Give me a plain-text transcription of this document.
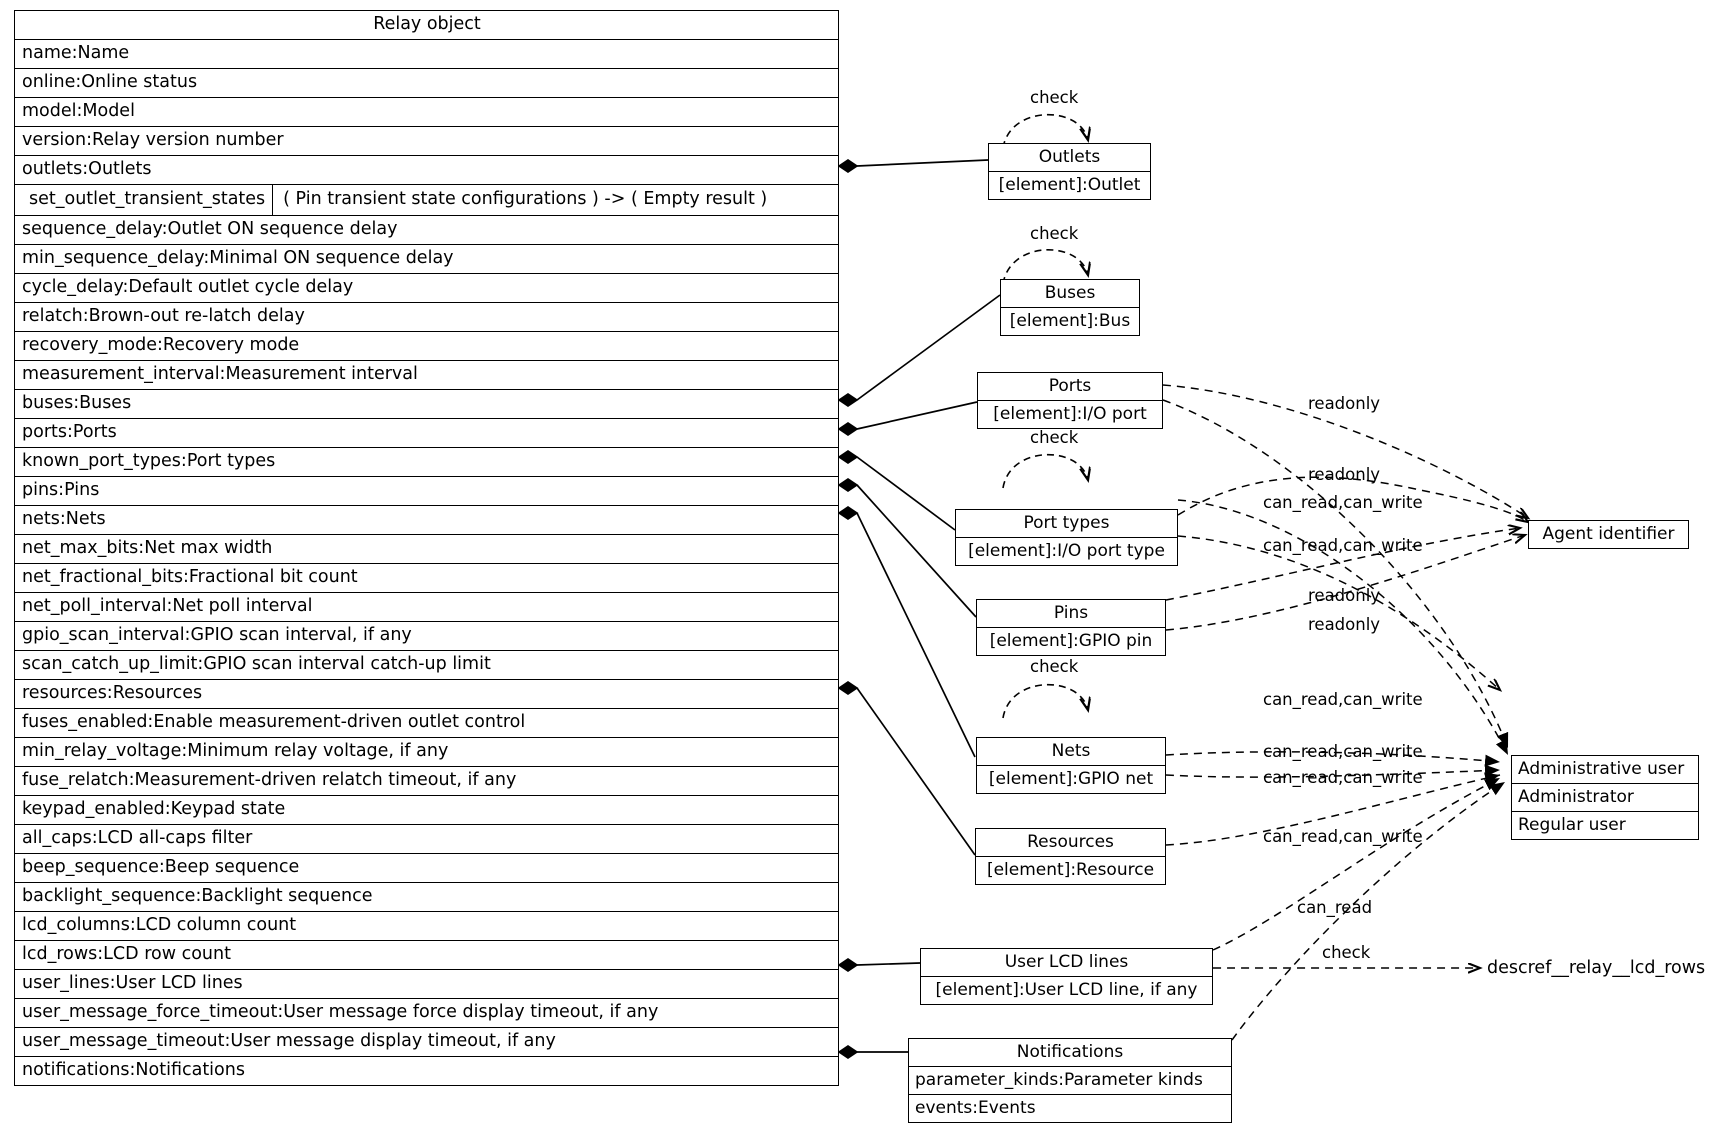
Relay object
name:Name
online:Online status
model:Model
version:Relay version number
outlets:Outlets
set_outlet_transient_states	( Pin transient state configurations ) -> ( Empty result )
sequence_delay:Outlet ON sequence delay
min_sequence_delay:Minimal ON sequence delay
cycle_delay:Default outlet cycle delay
relatch:Brown-out re-latch delay
recovery_mode:Recovery mode
measurement_interval:Measurement interval
buses:Buses
ports:Ports
known_port_types:Port types
pins:Pins
nets:Nets
net_max_bits:Net max width
net_fractional_bits:Fractional bit count
net_poll_interval:Net poll interval
gpio_scan_interval:GPIO scan interval, if any
scan_catch_up_limit:GPIO scan interval catch-up limit
resources:Resources
fuses_enabled:Enable measurement-driven outlet control
min_relay_voltage:Minimum relay voltage, if any
fuse_relatch:Measurement-driven relatch timeout, if any
keypad_enabled:Keypad state
all_caps:LCD all-caps filter
beep_sequence:Beep sequence
backlight_sequence:Backlight sequence
lcd_columns:LCD column count
lcd_rows:LCD row count
user_lines:User LCD lines
user_message_force_timeout:User message force display timeout, if any
user_message_timeout:User message display timeout, if any
notifications:Notifications
Outlets
[element]:Outlet
Buses
[element]:Bus
Ports
[element]:I/O port
Port types
[element]:I/O port type
Pins
[element]:GPIO pin
Nets
[element]:GPIO net
Resources
[element]:Resource
User LCD lines
[element]:User LCD line, if any
Notifications
parameter_kinds:Parameter kinds
events:Events
Agent identifier
Administrative user
Administrator
Regular user
descref__relay__lcd_rows
check
check
check
check
check
readonly
readonly
readonly
readonly
can_read,can_write
can_read,can_write
can_read,can_write
can_read,can_write
can_read,can_write
can_read,can_write
can_read
